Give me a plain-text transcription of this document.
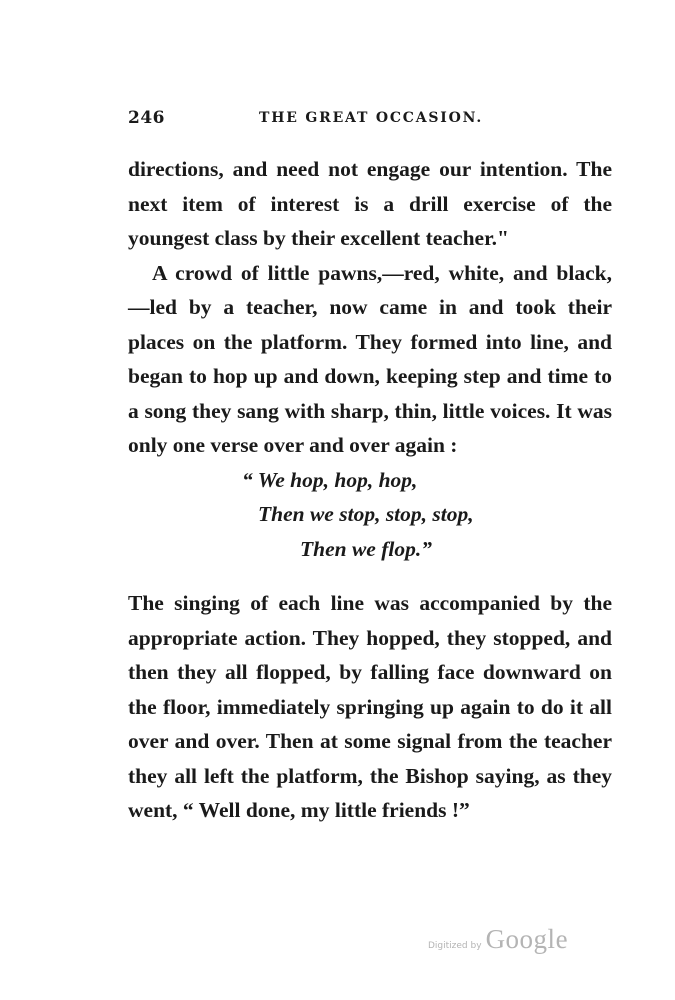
246	THE GREAT OCCASION.

directions, and need not engage our intention. The next item of interest is a drill exercise of the youngest class by their excellent teacher."

A crowd of little pawns,—red, white, and black, —led by a teacher, now came in and took their places on the platform. They formed into line, and began to hop up and down, keeping step and time to a song they sang with sharp, thin, little voices. It was only one verse over and over again :

“ We hop, hop, hop,
Then we stop, stop, stop,
Then we flop.”

The singing of each line was accompanied by the appropriate action. They hopped, they stopped, and then they all flopped, by falling face downward on the floor, immediately springing up again to do it all over and over. Then at some signal from the teacher they all left the platform, the Bishop saying, as they went, “ Well done, my little friends !”

Digitized by Google
